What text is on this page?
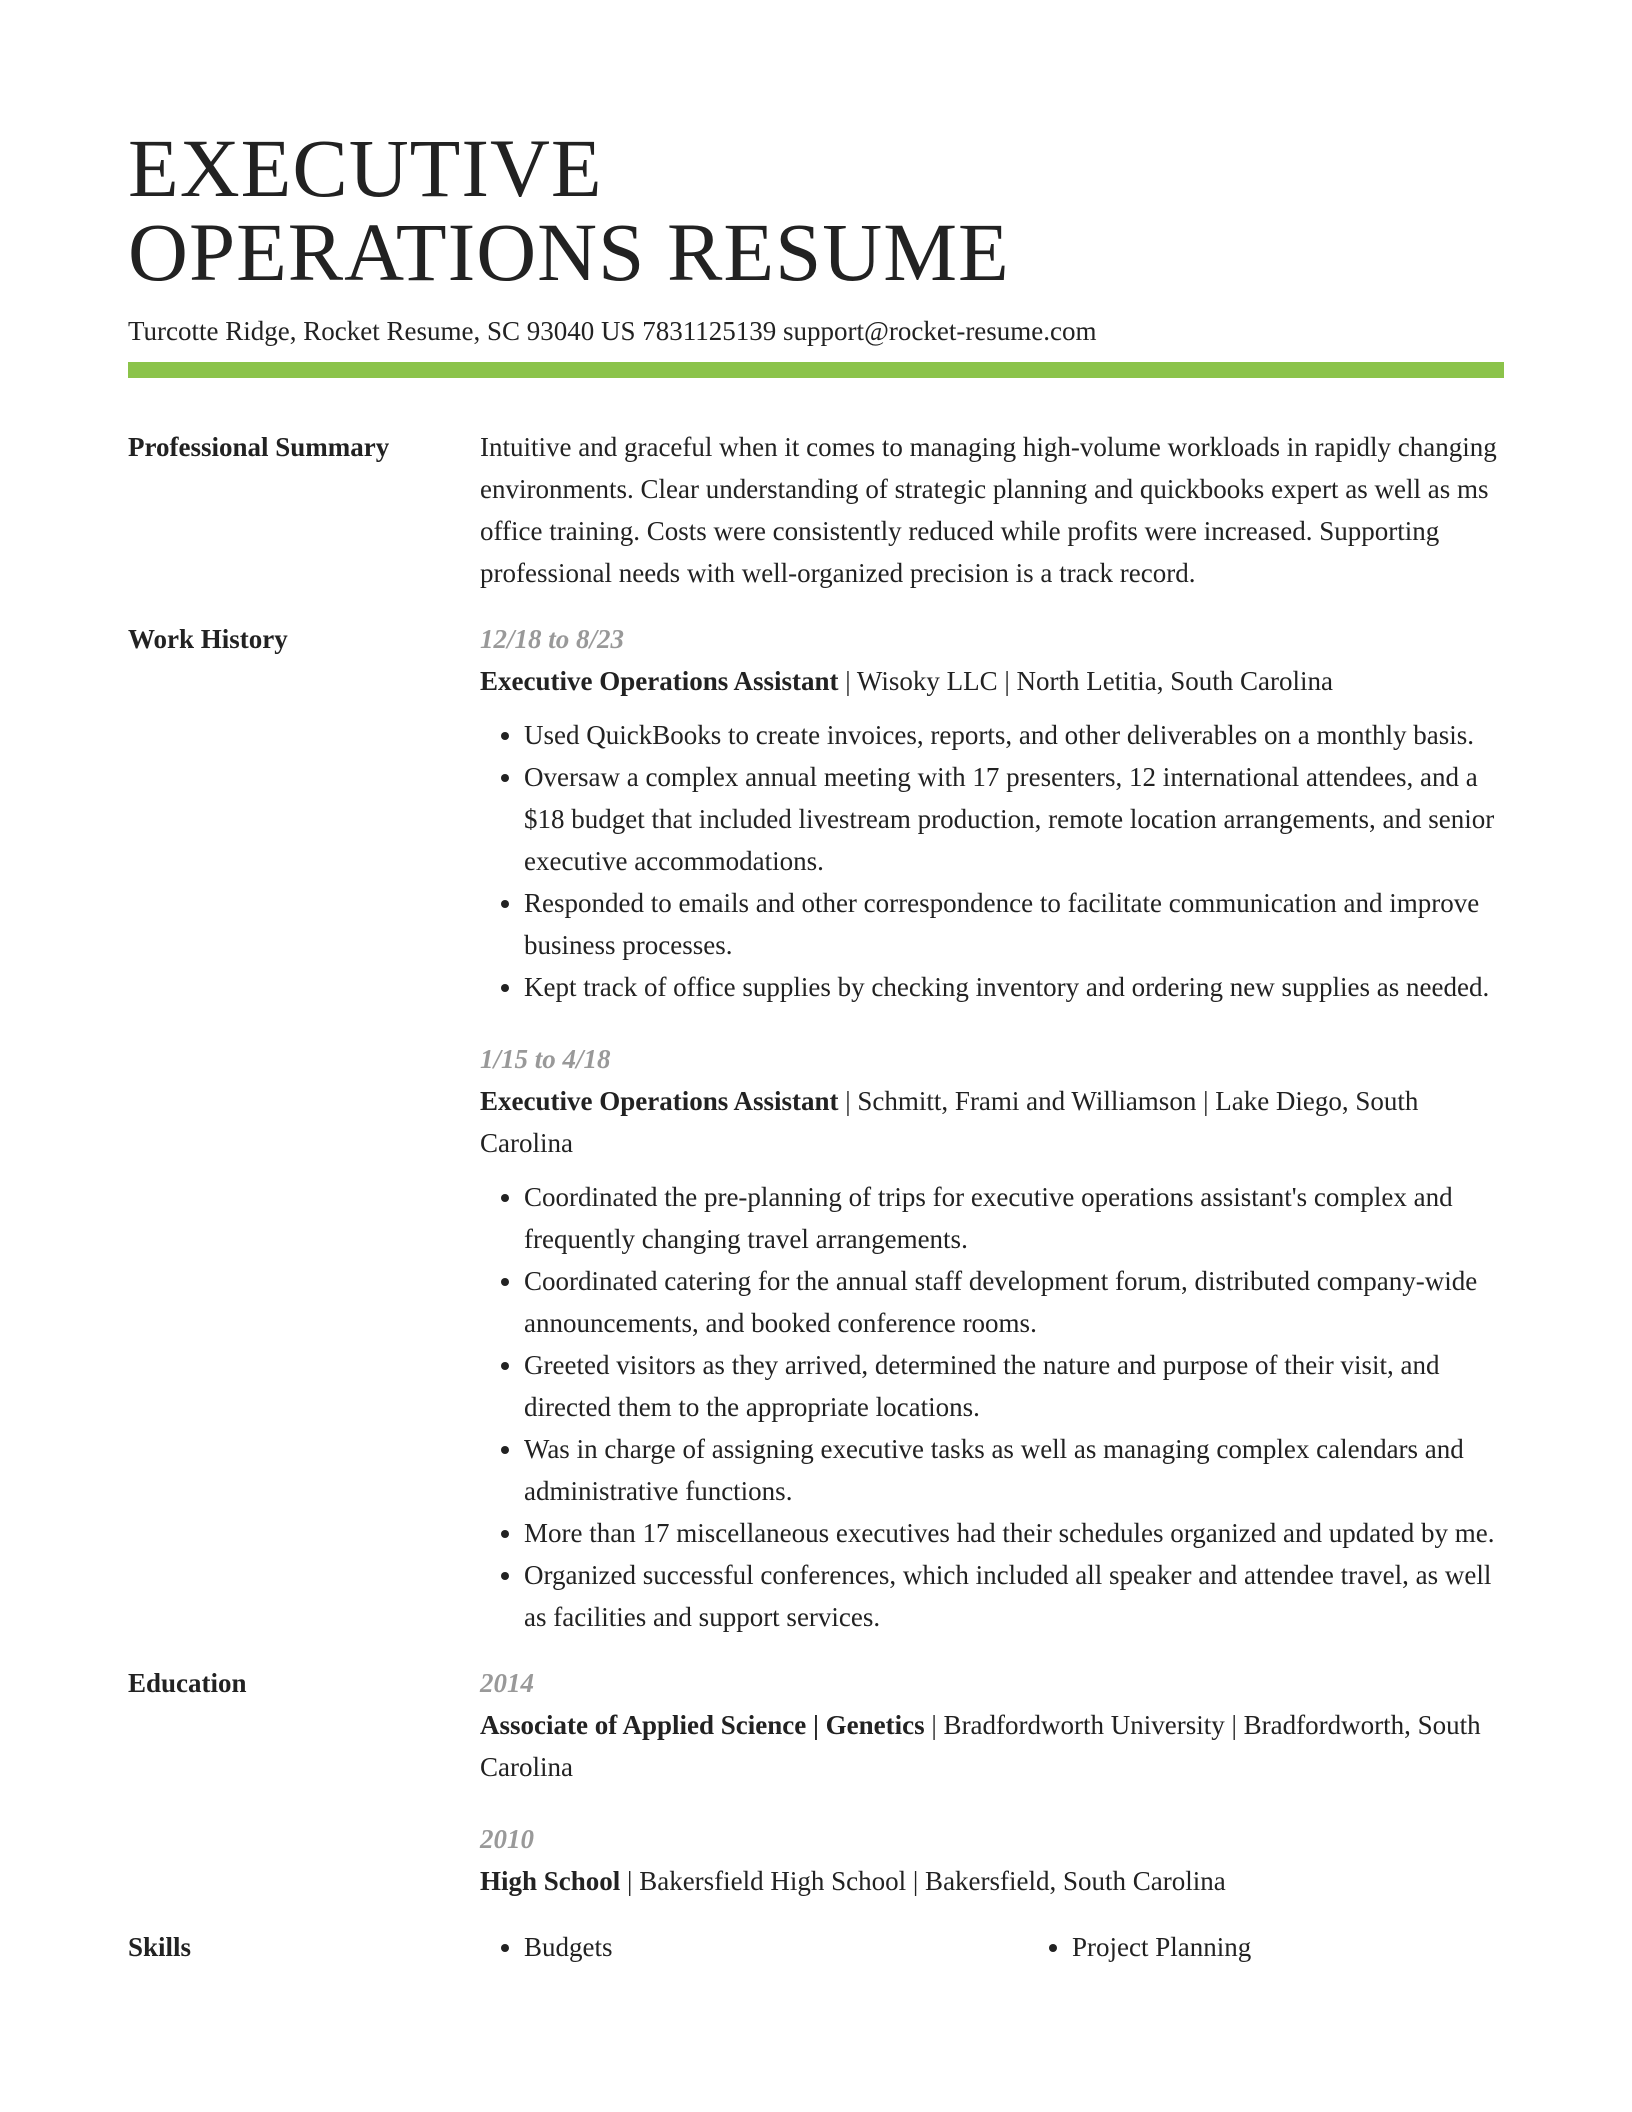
EXECUTIVE
OPERATIONS RESUME
Turcotte Ridge, Rocket Resume, SC 93040 US 7831125139 support@rocket-resume.com
Professional Summary	Intuitive and graceful when it comes to managing high-volume workloads in rapidly changing environments. Clear understanding of strategic planning and quickbooks expert as well as ms office training. Costs were consistently reduced while profits were increased. Supporting professional needs with well-organized precision is a track record.
Work History	12/18 to 8/23
Executive Operations Assistant | Wisoky LLC | North Letitia, South Carolina
• Used QuickBooks to create invoices, reports, and other deliverables on a monthly basis.
• Oversaw a complex annual meeting with 17 presenters, 12 international attendees, and a $18 budget that included livestream production, remote location arrangements, and senior executive accommodations.
• Responded to emails and other correspondence to facilitate communication and improve business processes.
• Kept track of office supplies by checking inventory and ordering new supplies as needed.
1/15 to 4/18
Executive Operations Assistant | Schmitt, Frami and Williamson | Lake Diego, South Carolina
• Coordinated the pre-planning of trips for executive operations assistant's complex and frequently changing travel arrangements.
• Coordinated catering for the annual staff development forum, distributed company-wide announcements, and booked conference rooms.
• Greeted visitors as they arrived, determined the nature and purpose of their visit, and directed them to the appropriate locations.
• Was in charge of assigning executive tasks as well as managing complex calendars and administrative functions.
• More than 17 miscellaneous executives had their schedules organized and updated by me.
• Organized successful conferences, which included all speaker and attendee travel, as well as facilities and support services.
Education	2014
Associate of Applied Science | Genetics | Bradfordworth University | Bradfordworth, South Carolina
2010
High School | Bakersfield High School | Bakersfield, South Carolina
Skills	• Budgets	• Project Planning
